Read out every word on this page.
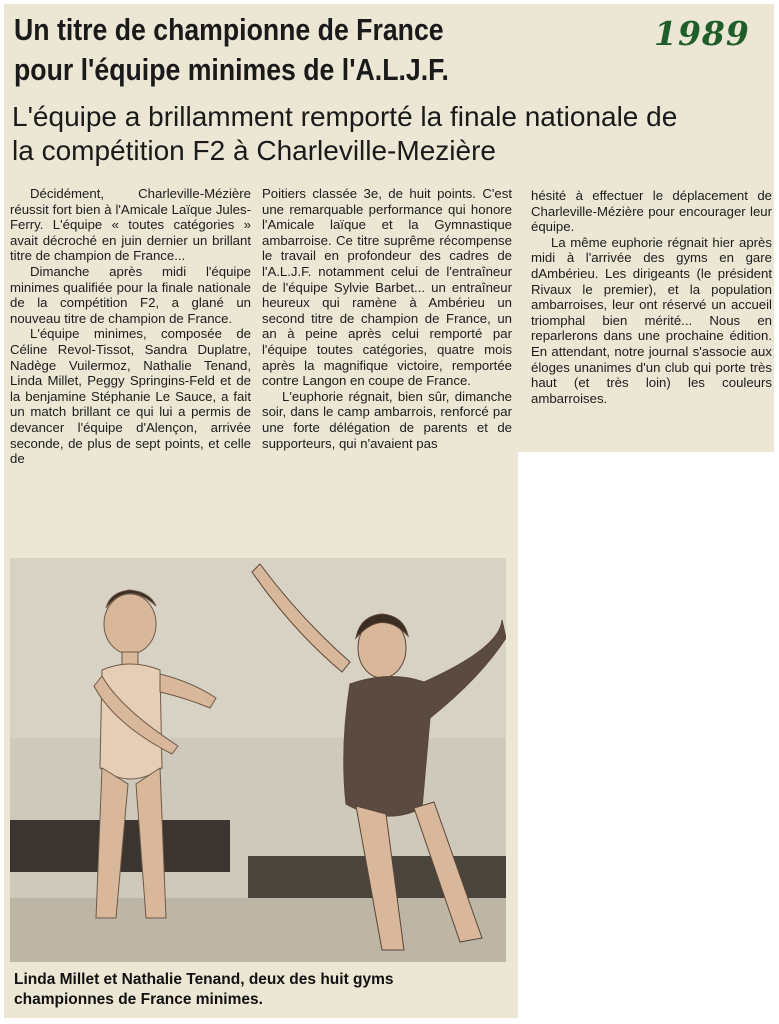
1989
Un titre de championne de France
pour l'équipe minimes de l'A.L.J.F.
L'équipe a brillamment remporté la finale nationale de
la compétition F2 à Charleville-Mezière

Décidément, Charleville-Mézière réussit fort bien à l'Amicale Laïque Jules-Ferry. L'équipe « toutes catégories » avait décroché en juin dernier un brillant titre de champion de France...

Dimanche après midi l'équipe minimes qualifiée pour la finale nationale de la compétition F2, a glané un nouveau titre de champion de France.

L'équipe minimes, composée de Céline Revol-Tissot, Sandra Duplatre, Nadège Vuilermoz, Nathalie Tenand, Linda Millet, Peggy Springins-Feld et de la benjamine Stéphanie Le Sauce, a fait un match brillant ce qui lui a permis de devancer l'équipe d'Alençon, arrivée seconde, de plus de sept points, et celle de

Poitiers classée 3e, de huit points. C'est une remarquable performance qui honore l'Amicale laïque et la Gymnastique ambarroise. Ce titre suprême récompense le travail en profondeur des cadres de l'A.L.J.F. notamment celui de l'entraîneur de l'équipe Sylvie Barbet... un entraîneur heureux qui ramène à Ambérieu un second titre de champion de France, un an à peine après celui remporté par l'équipe toutes catégories, quatre mois après la magnifique victoire, remportée contre Langon en coupe de France.

L'euphorie régnait, bien sûr, dimanche soir, dans le camp ambarrois, renforcé par une forte délégation de parents et de supporteurs, qui n'avaient pas

hésité à effectuer le déplacement de Charleville-Mézière pour encourager leur équipe.

La même euphorie régnait hier après midi à l'arrivée des gyms en gare dAmbérieu. Les dirigeants (le président Rivaux le premier), et la population ambarroises, leur ont réservé un accueil triomphal bien mérité... Nous en reparlerons dans une prochaine édition. En attendant, notre journal s'associe aux éloges unanimes d'un club qui porte très haut (et très loin) les couleurs ambarroises.

Linda Millet et Nathalie Tenand, deux des huit gyms
championnes de France minimes.
